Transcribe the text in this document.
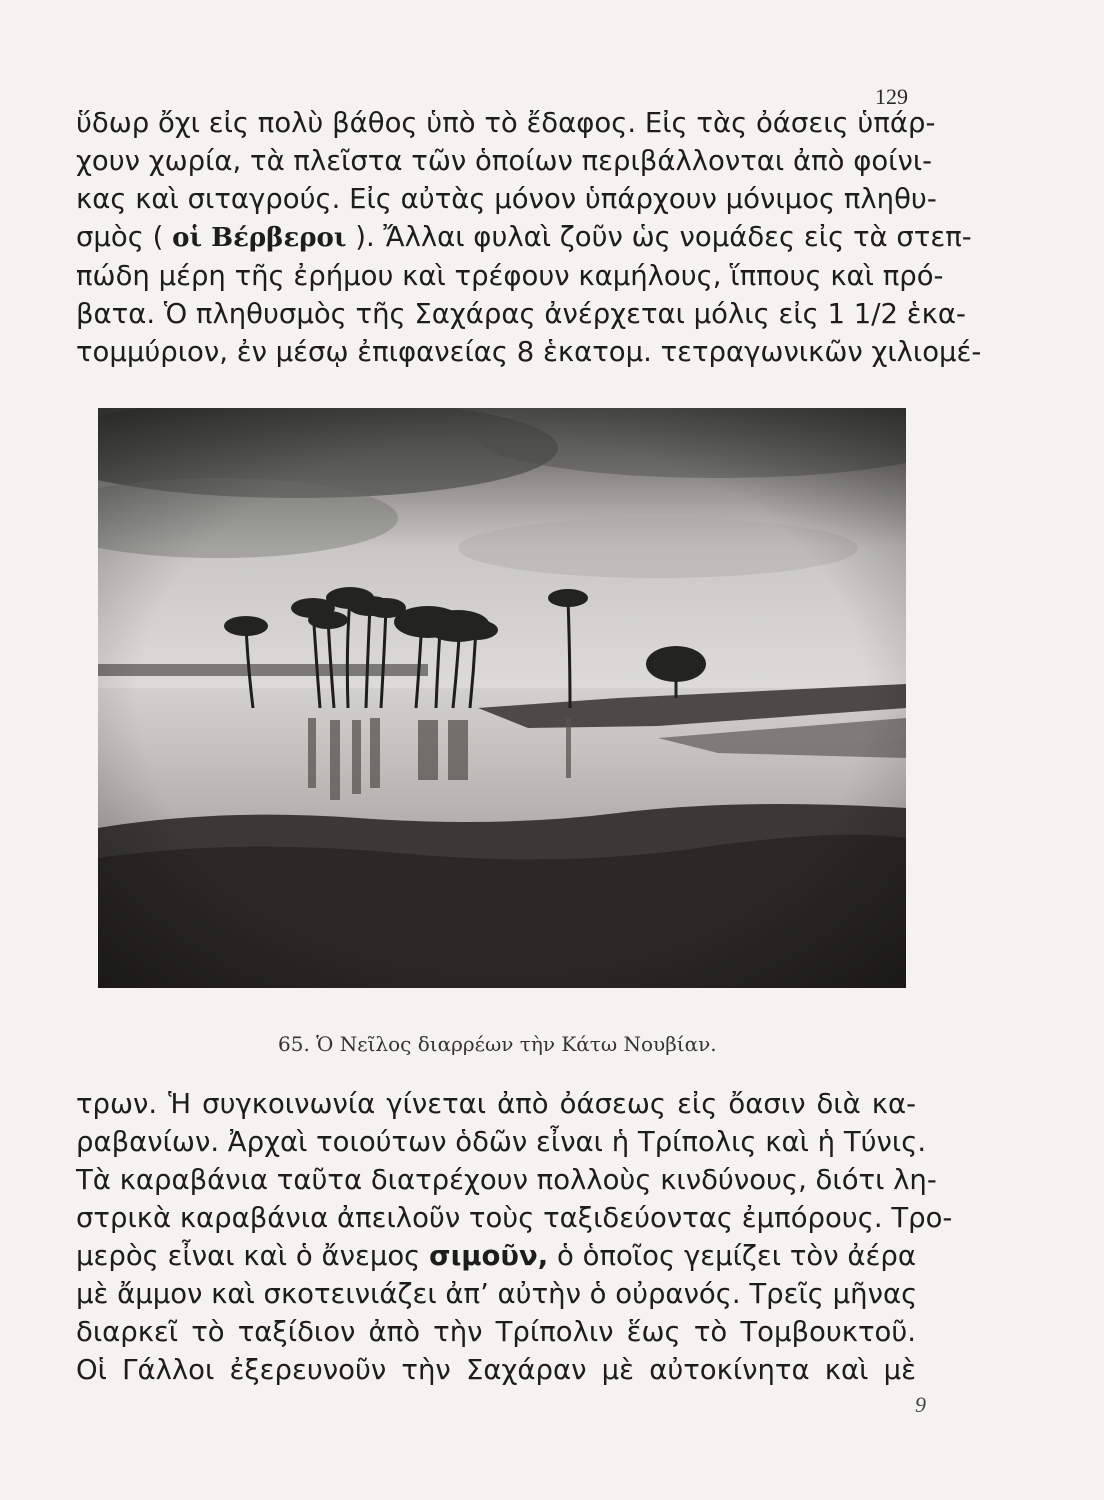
129
ὕδωρ ὄχι εἰς πολὺ βάθος ὑπὸ τὸ ἔδαφος. Εἰς τὰς ὀάσεις ὑπάρ-
χουν χωρία, τὰ πλεῖστα τῶν ὁποίων περιβάλλονται ἀπὸ φοίνι-
κας καὶ σιταγρούς. Εἰς αὐτὰς μόνον ὑπάρχουν μόνιμος πληθυ-
σμὸς ( οἱ Βέρβεροι ). Ἄλλαι φυλαὶ ζοῦν ὡς νομάδες εἰς τὰ στεπ-
πώδη μέρη τῆς ἐρήμου καὶ τρέφουν καμήλους, ἵππους καὶ πρό-
βατα. Ὁ πληθυσμὸς τῆς Σαχάρας ἀνέρχεται μόλις εἰς 1 1/2 ἑκα-
τομμύριον, ἐν μέσῳ ἐπιφανείας 8 ἑκατομ. τετραγωνικῶν χιλιομέ-
65. Ὁ Νεῖλος διαρρέων τὴν Κάτω Νουβίαν.
τρων. Ἡ συγκοινωνία γίνεται ἀπὸ ὀάσεως εἰς ὄασιν διὰ κα-
ραβανίων. Ἀρχαὶ τοιούτων ὁδῶν εἶναι ἡ Τρίπολις καὶ ἡ Τύνις.
Τὰ καραβάνια ταῦτα διατρέχουν πολλοὺς κινδύνους, διότι λη-
στρικὰ καραβάνια ἀπειλοῦν τοὺς ταξιδεύοντας ἐμπόρους. Τρο-
μερὸς εἶναι καὶ ὁ ἄνεμος σιμοῦν, ὁ ὁποῖος γεμίζει τὸν ἀέρα
μὲ ἄμμον καὶ σκοτεινιάζει ἀπ’ αὐτὴν ὁ οὐρανός. Τρεῖς μῆνας
διαρκεῖ τὸ ταξίδιον ἀπὸ τὴν Τρίπολιν ἕως τὸ Τομβουκτοῦ.
Οἱ Γάλλοι ἐξερευνοῦν τὴν Σαχάραν μὲ αὐτοκίνητα καὶ μὲ
9
